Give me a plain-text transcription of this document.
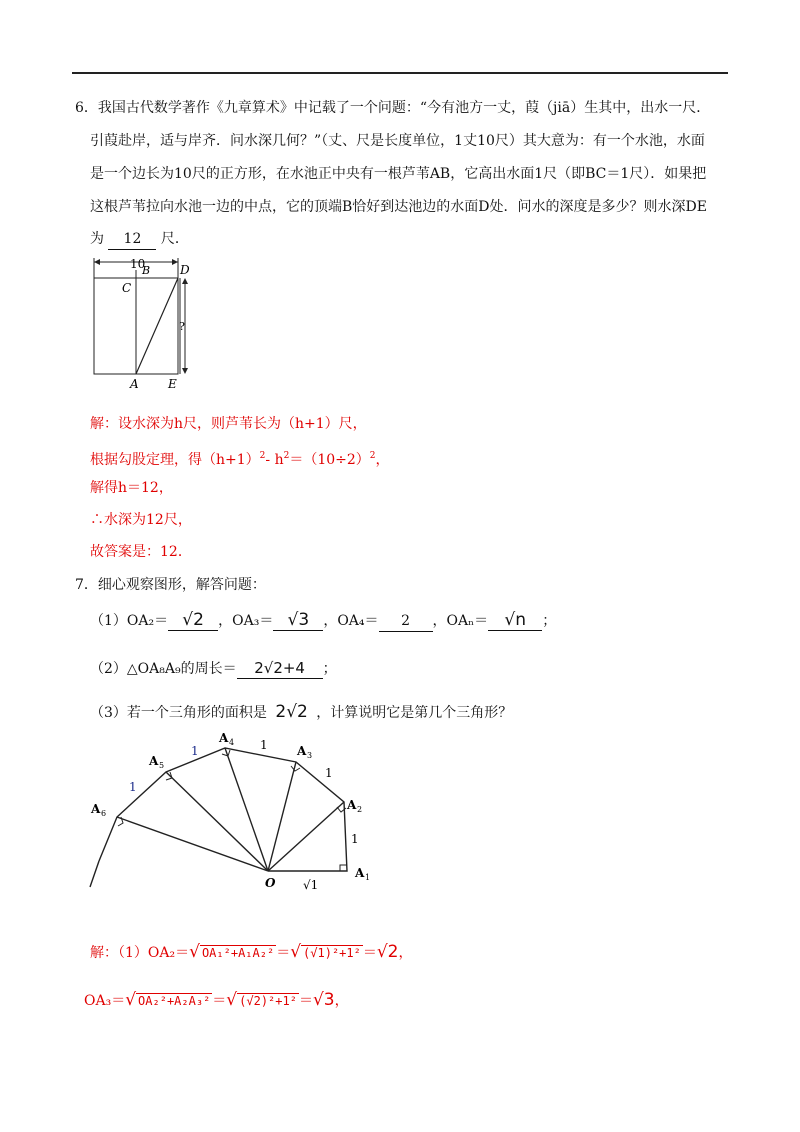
6．我国古代数学著作《九章算术》中记载了一个问题：“今有池方一丈，葭（jiā）生其中，出水一尺．
引葭赴岸，适与岸齐．问水深几何？”（丈、尺是长度单位，1丈10尺）其大意为：有一个水池，水面
是一个边长为10尺的正方形，在水池正中央有一根芦苇AB，它高出水面1尺（即BC＝1尺）．如果把
这根芦苇拉向水池一边的中点，它的顶端B恰好到达池边的水面D处．问水的深度是多少？则水深DE
为 12 尺．
10
B D
C
A E
?
解：设水深为h尺，则芦苇长为（h+1）尺，
根据勾股定理，得$(h+1)^2-$ $h^2=(10\div 2)^2$，
解得h＝12，
∴水深为12尺，
故答案是：12．
7．细心观察图形，解答问题：
（1）OA₂＝ √2 ，OA₃＝ √3 ，OA₄＝ 2 ，OAₙ＝ √n ；
（2）△OA₈A₉的周长＝ 2√2+4 ；
（3）若一个三角形的面积是 2√2 ，计算说明它是第几个三角形？
O
A 1
A 2
A 3
A 4
A 5
A 6
1
1	1
1
1
√1
解：（1）OA₂＝√ OA₁²+A₁A₂² ＝√ (√1)²+1² ＝√2，
OA₃＝√ OA₂²+A₂A₃² ＝√ (√2)²+1² ＝√3，
